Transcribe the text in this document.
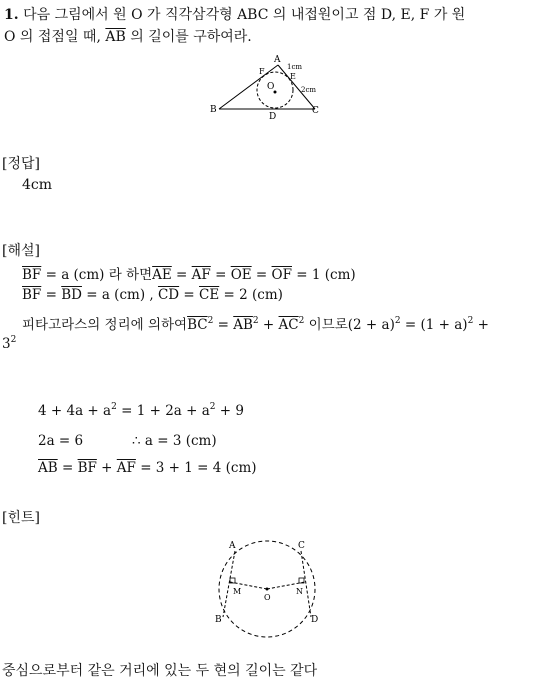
1. 다음 그림에서 원 O 가 직각삼각형 ABC 의 내접원이고 점 D, E, F 가 원
O 의 접점일 때, $\overline{AB}$ 의 길이를 구하여라.
A
B	C
D
E
F
O
1cm
2cm
[정답]
4cm
[해설]
$\overline{BF} = a$ (cm) 라 하면$\overline{AE} = \overline{AF} = \overline{OE} = \overline{OF} = 1$ (cm)
$\overline{BF} = \overline{BD} = a$ (cm) , $\overline{CD} = \overline{CE} = 2$ (cm)
피타고라스의 정리에 의하여$\overline{BC}^2 = \overline{AB}^2 + \overline{AC}^2$ 이므로$(2 + a)^2 = (1 + a)^2$ +
$3^2$
$4 + 4a + a^2 = 1 + 2a + a^2 + 9$
2a = 6	∴ a = 3 (cm)
$\overline{AB} = \overline{BF} + \overline{AF} = 3 + 1 = 4$ (cm)
[힌트]
A	C
B	D
M	N
O
중심으로부터 같은 거리에 있는 두 현의 길이는 같다
